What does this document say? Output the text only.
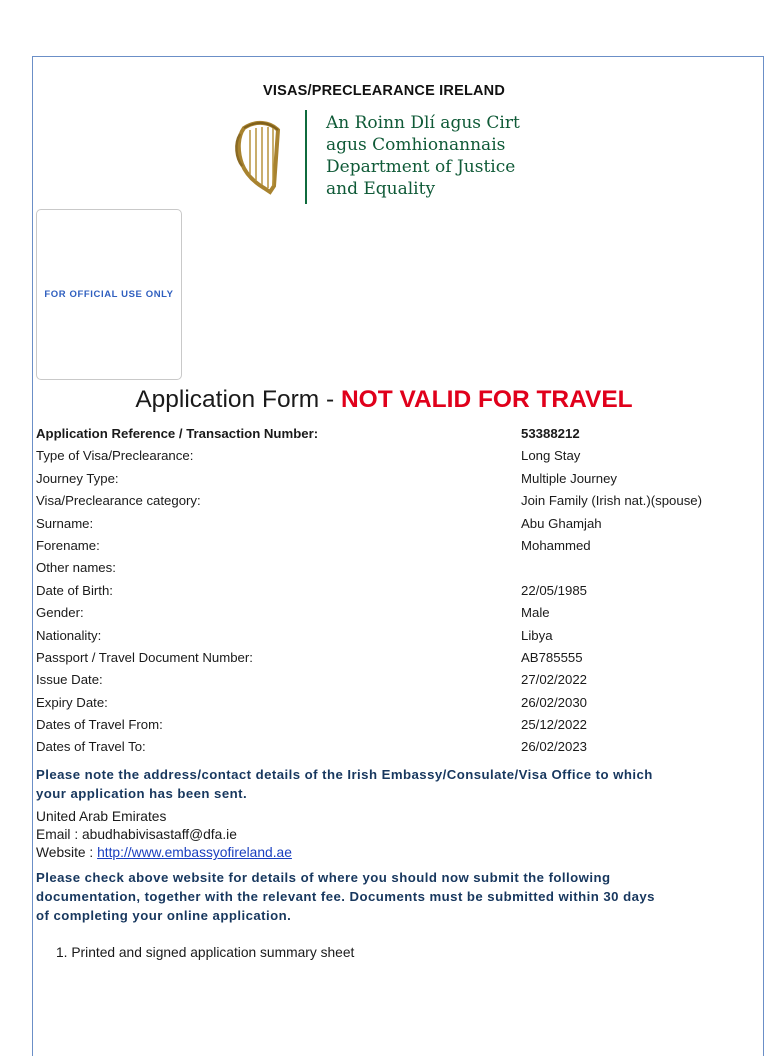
VISAS/PRECLEARANCE IRELAND
An Roinn Dlí agus Cirt
agus Comhionannais
Department of Justice
and Equality
FOR OFFICIAL USE ONLY
Application Form - NOT VALID FOR TRAVEL
Application Reference / Transaction Number:	53388212
Type of Visa/Preclearance:	Long Stay
Journey Type:	Multiple Journey
Visa/Preclearance category:	Join Family (Irish nat.)(spouse)
Surname:	Abu Ghamjah
Forename:	Mohammed
Other names:
Date of Birth:	22/05/1985
Gender:	Male
Nationality:	Libya
Passport / Travel Document Number:	AB785555
Issue Date:	27/02/2022
Expiry Date:	26/02/2030
Dates of Travel From:	25/12/2022
Dates of Travel To:	26/02/2023
Please note the address/contact details of the Irish Embassy/Consulate/Visa Office to which
your application has been sent.
United Arab Emirates
Email : abudhabivisastaff@dfa.ie
Website : http://www.embassyofireland.ae
Please check above website for details of where you should now submit the following
documentation, together with the relevant fee. Documents must be submitted within 30 days
of completing your online application.
1. Printed and signed application summary sheet
